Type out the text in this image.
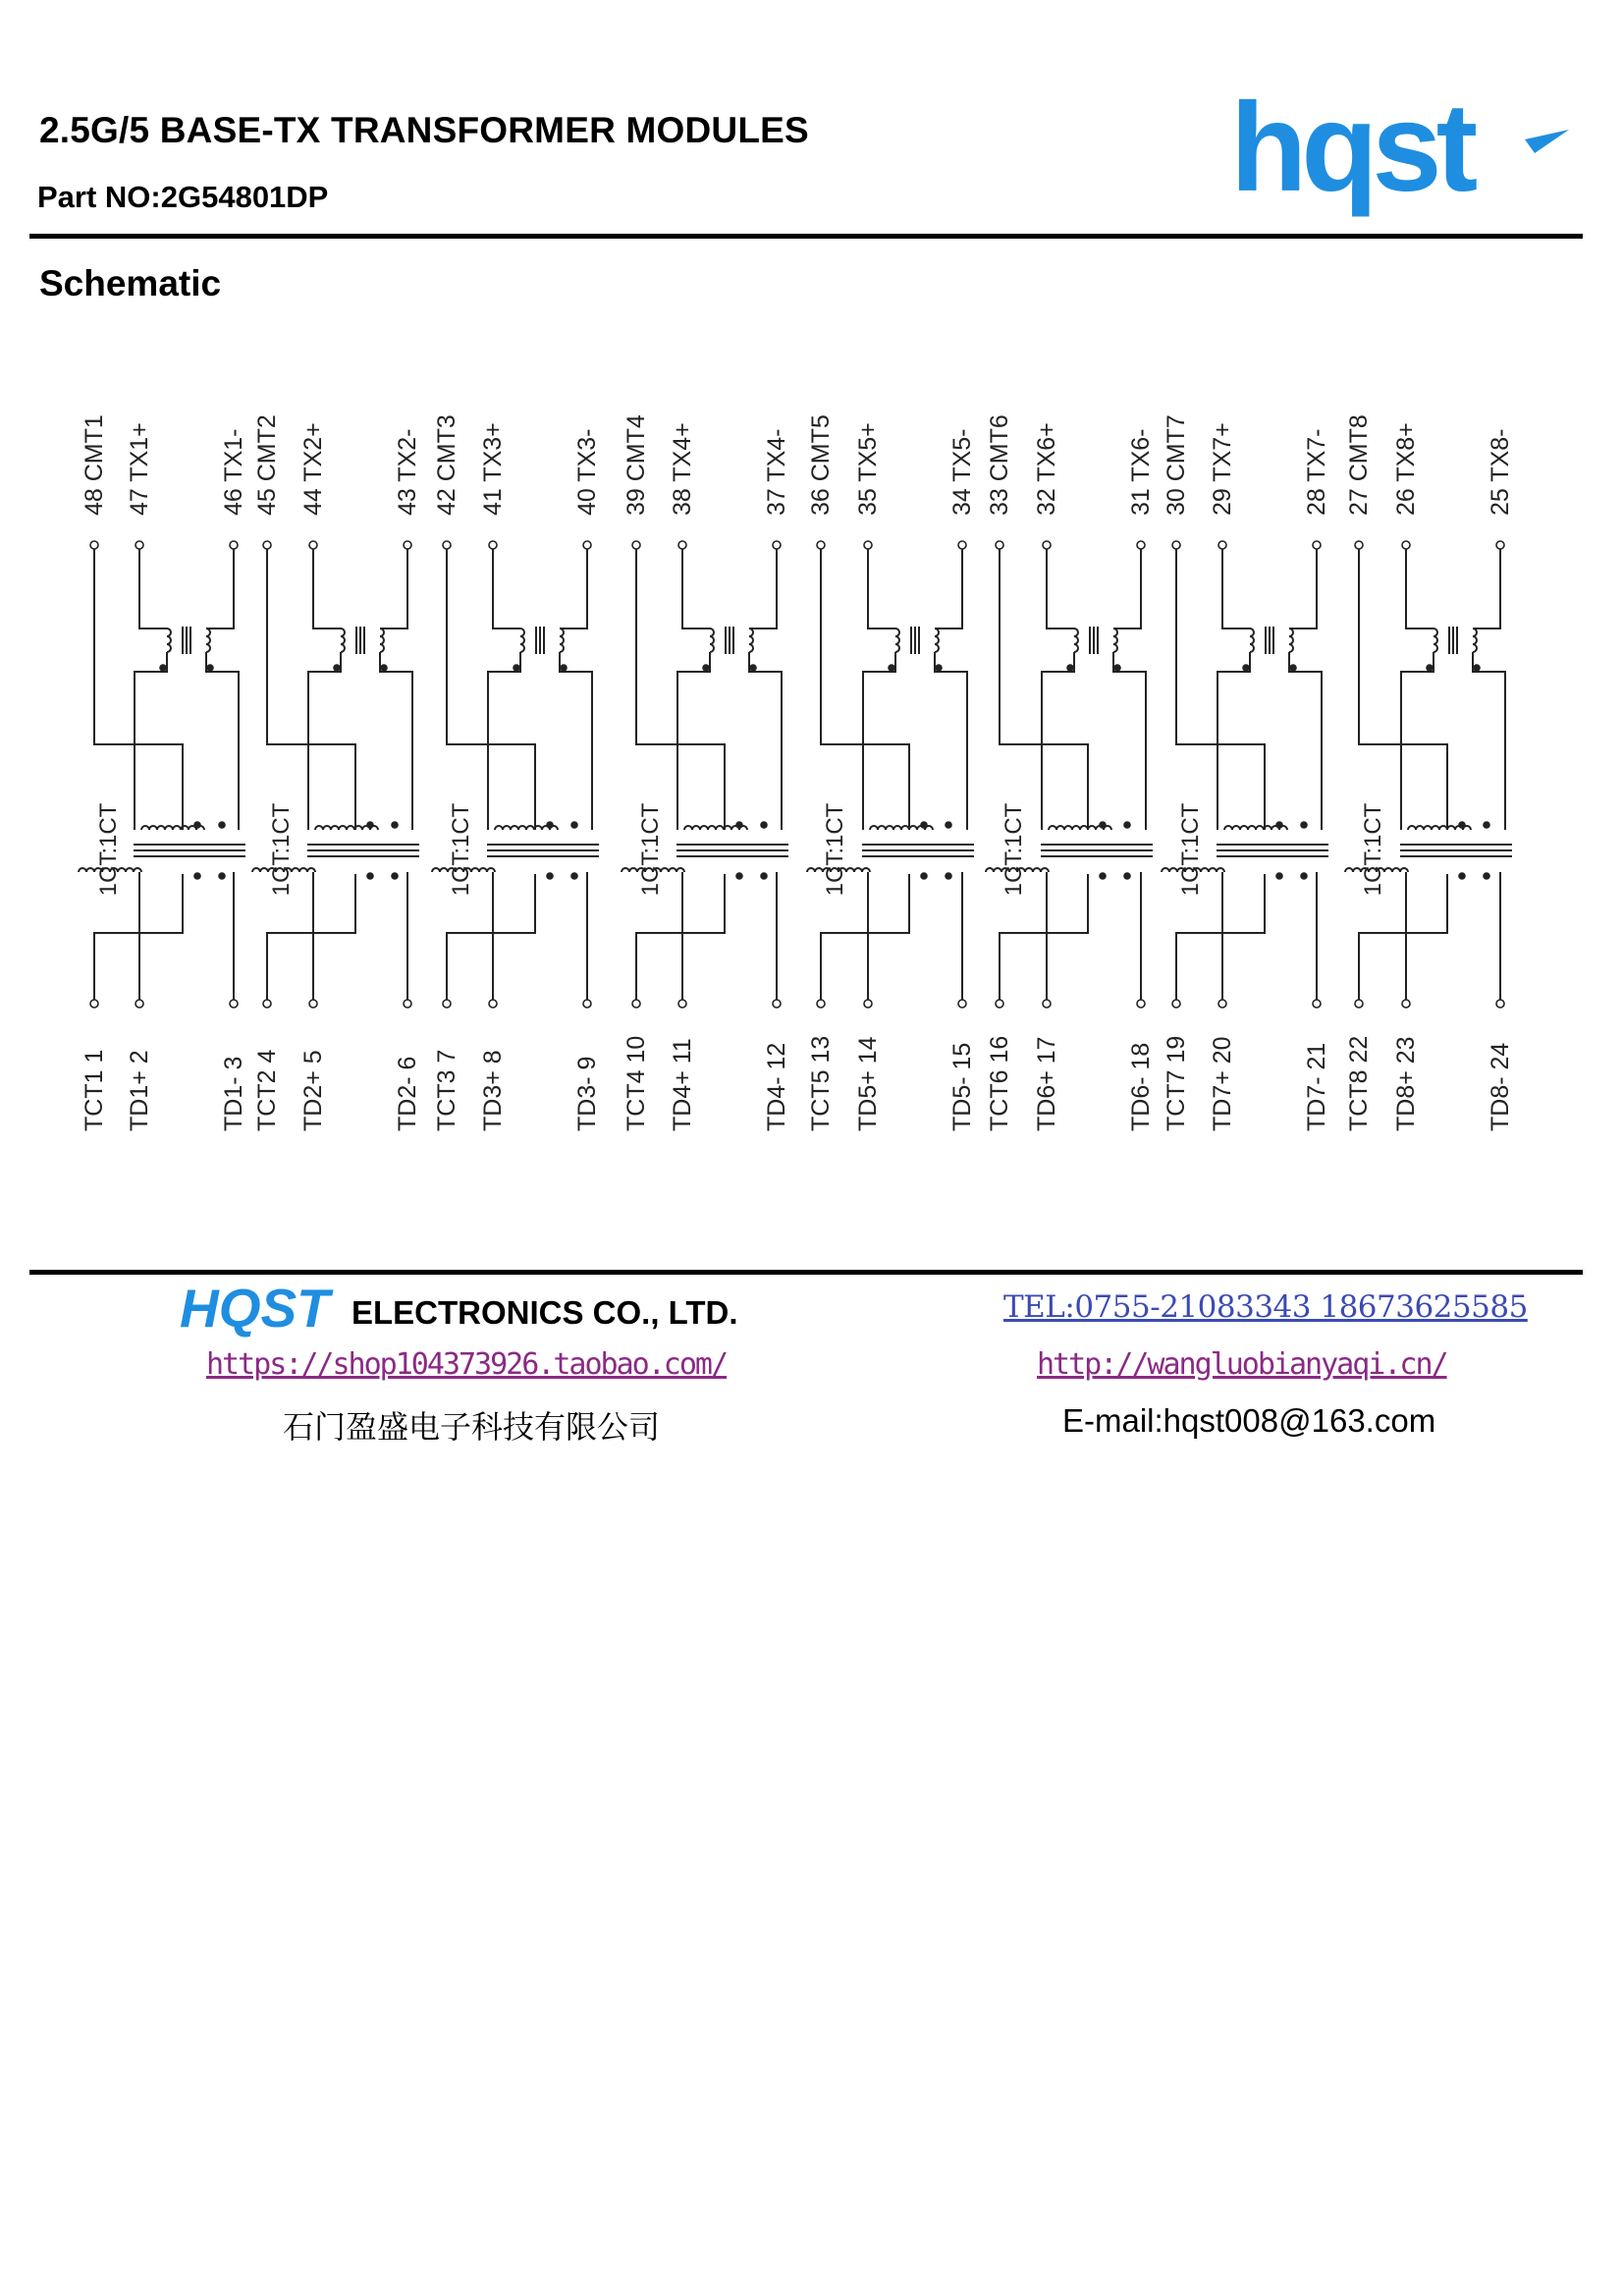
2.5G/5 BASE-TX TRANSFORMER MODULES

Part NO:2G54801DP	hqst
Schematic
48 CMT1 47 TX1+	46 TX1- 45 CMT2 44 TX2+	43 TX2- 42 CMT3 41 TX3+	40 TX3- 39 CMT4 38 TX4+	37 TX4- 36 CMT5 35 TX5+	34 TX5- 33 CMT6 32 TX6+	31 TX6- 30 CMT7 29 TX7+	28 TX7- 27 CMT8 26 TX8+	25 TX8-
TCT1 1 TD1+ 2	TD1- 3 TCT2 4 TD2+ 5	TD2- 6 TCT3 7 TD3+ 8	TD3- 9 TCT4 10 TD4+ 11	TD4- 12 TCT5 13 TD5+ 14	TD5- 15 TCT6 16 TD6+ 17	TD6- 18 TCT7 19 TD7+ 20	TD7- 21 TCT8 22 TD8+ 23	TD8- 24
1CT:1CT	1CT:1CT	1CT:1CT	1CT:1CT	1CT:1CT	1CT:1CT	1CT:1CT	1CT:1CT
HQST ELECTRONICS CO., LTD.	TEL:0755-21083343 18673625585
https://shop104373926.taobao.com/	http://wangluobianyaqi.cn/
石门盈盛电子科技有限公司	E-mail:hqst008@163.com
